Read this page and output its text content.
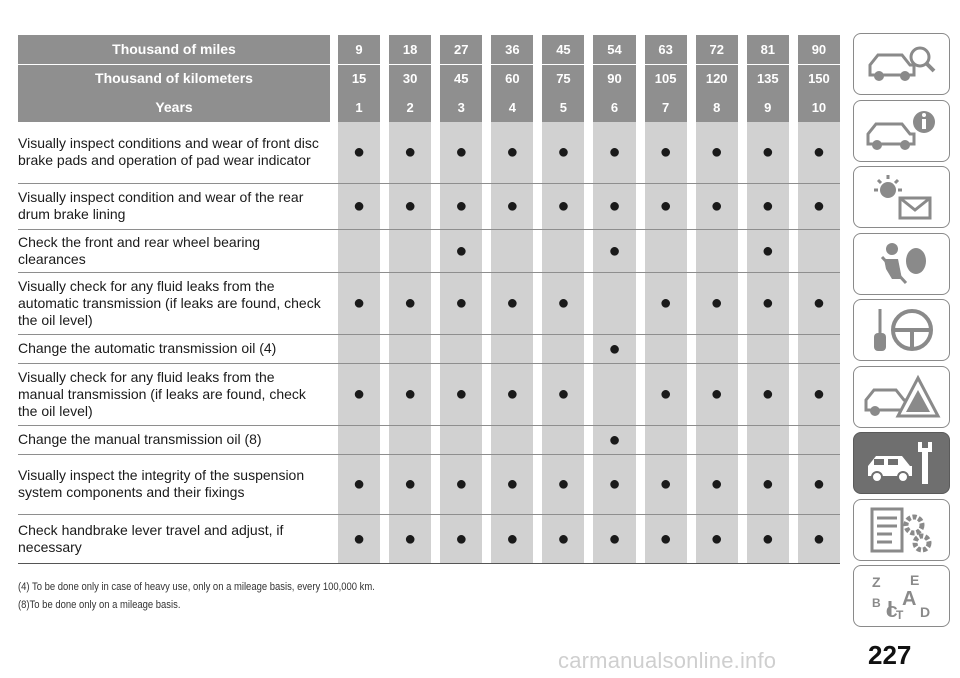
Thousand of miles		9		18		27		36		45		54		63		72		81		90
Thousand of kilometers		15		30		45		60		75		90		105		120		135		150
Years		1		2		3		4		5		6		7		8		9		10
Visually inspect conditions and wear of front disc brake pads and operation of pad wear indicator		●		●		●		●		●		●		●		●		●		●
Visually inspect condition and wear of the rear drum brake lining		●		●		●		●		●		●		●		●		●		●
Check the front and rear wheel bearing clearances						●						●						●		
Visually check for any fluid leaks from the automatic transmission (if leaks are found, check the oil level)		●		●		●		●		●				●		●		●		●
Change the automatic transmission oil (4)												●								
Visually check for any fluid leaks from the manual transmission (if leaks are found, check the oil level)		●		●		●		●		●				●		●		●		●
Change the manual transmission oil (8)												●								
Visually inspect the integrity of the suspension system components and their fixings		●		●		●		●		●		●		●		●		●		●
Check handbrake lever travel and adjust, if necessary		●		●		●		●		●		●		●		●		●		●
(4) To be done only in case of heavy use, only on a mileage basis, every 100,000 km.
(8)To be done only on a mileage basis.
Z E
B A
C
T D
227
carmanualsonline.info
